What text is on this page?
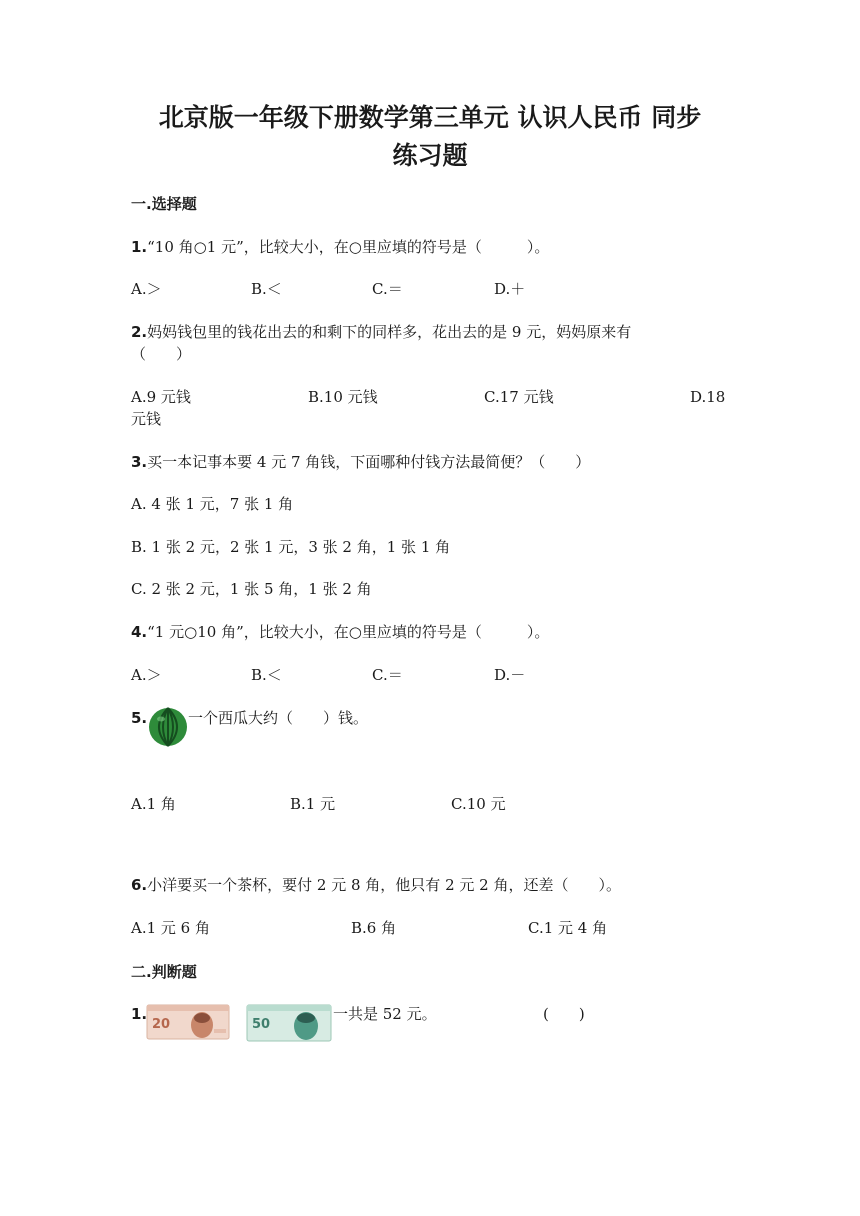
北京版一年级下册数学第三单元 认识人民币 同步
练习题
一.选择题
1.“10 角○1 元”，比较大小，在○里应填的符号是（　　　）。
A.＞	B.＜	C.＝	D.＋
2.妈妈钱包里的钱花出去的和剩下的同样多，花出去的是 9 元，妈妈原来有
（　　）
A.9 元钱	B.10 元钱	C.17 元钱	D.18
元钱
3.买一本记事本要 4 元 7 角钱，下面哪种付钱方法最简便？（　　）
A. 4 张 1 元，7 张 1 角
B. 1 张 2 元，2 张 1 元，3 张 2 角，1 张 1 角
C. 2 张 2 元，1 张 5 角，1 张 2 角
4.“1 元○10 角”，比较大小，在○里应填的符号是（　　　）。
A.＞	B.＜	C.＝	D.－
5.	一个西瓜大约（　　）钱。
A.1 角	B.1 元	C.10 元
6.小洋要买一个茶杯，要付 2 元 8 角，他只有 2 元 2 角，还差（　　）。
A.1 元 6 角	B.6 角	C.1 元 4 角
二.判断题
1.
20	50
一共是 52 元。	(　　)
